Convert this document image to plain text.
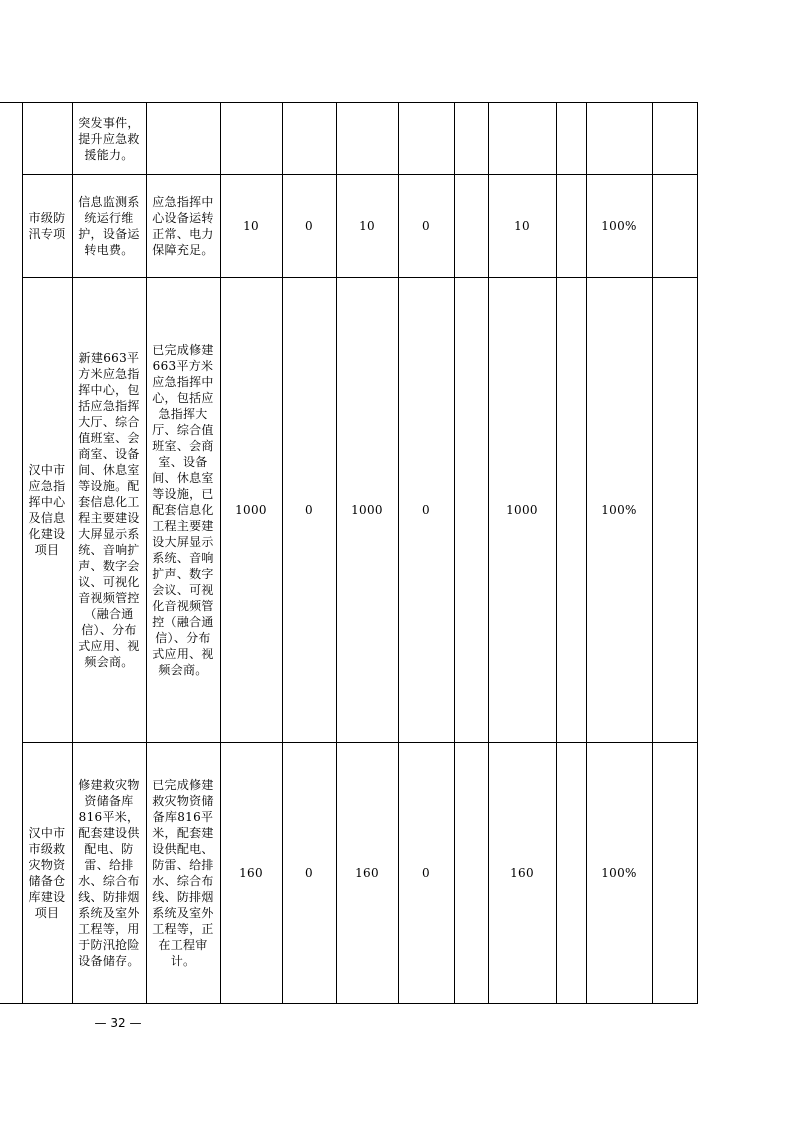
		突发事件，提升应急救援能力。										
	市级防汛专项	信息监测系统运行维护，设备运转电费。	应急指挥中心设备运转正常、电力保障充足。	10	0	10	0		10		100%	
	汉中市应急指挥中心及信息化建设项目	新建663平方米应急指挥中心，包括应急指挥大厅、综合值班室、会商室、设备间、休息室等设施。配套信息化工程主要建设大屏显示系统、音响扩声、数字会议、可视化音视频管控（融合通信）、分布式应用、视频会商。	已完成修建663平方米应急指挥中心，包括应急指挥大厅、综合值班室、会商室、设备间、休息室等设施，已配套信息化工程主要建设大屏显示系统、音响扩声、数字会议、可视化音视频管控（融合通信）、分布式应用、视频会商。	1000	0	1000	0		1000		100%	
	汉中市市级救灾物资储备仓库建设项目	修建救灾物资储备库816平米，配套建设供配电、防雷、给排水、综合布线、防排烟系统及室外工程等，用于防汛抢险设备储存。	已完成修建救灾物资储备库816平米，配套建设供配电、防雷、给排水、综合布线、防排烟系统及室外工程等，正在工程审计。	160	0	160	0		160		100%	
— 32 —
